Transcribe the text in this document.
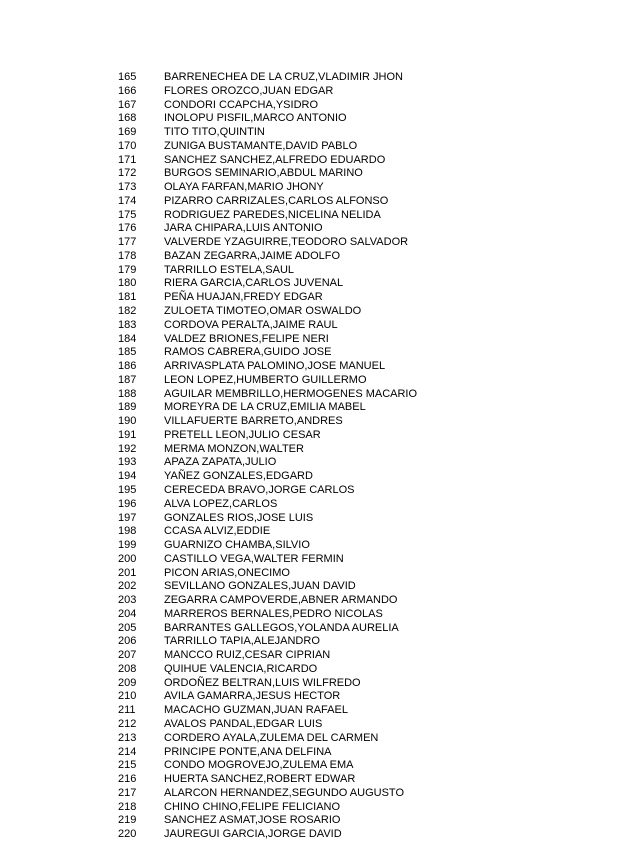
165	BARRENECHEA DE LA CRUZ,VLADIMIR JHON
166	FLORES OROZCO,JUAN EDGAR
167	CONDORI CCAPCHA,YSIDRO
168	INOLOPU PISFIL,MARCO ANTONIO
169	TITO TITO,QUINTIN
170	ZUNIGA BUSTAMANTE,DAVID PABLO
171	SANCHEZ SANCHEZ,ALFREDO EDUARDO
172	BURGOS SEMINARIO,ABDUL MARINO
173	OLAYA FARFAN,MARIO JHONY
174	PIZARRO CARRIZALES,CARLOS ALFONSO
175	RODRIGUEZ PAREDES,NICELINA NELIDA
176	JARA CHIPARA,LUIS ANTONIO
177	VALVERDE YZAGUIRRE,TEODORO SALVADOR
178	BAZAN ZEGARRA,JAIME ADOLFO
179	TARRILLO ESTELA,SAUL
180	RIERA GARCIA,CARLOS JUVENAL
181	PEÑA HUAJAN,FREDY EDGAR
182	ZULOETA TIMOTEO,OMAR OSWALDO
183	CORDOVA PERALTA,JAIME RAUL
184	VALDEZ BRIONES,FELIPE NERI
185	RAMOS CABRERA,GUIDO JOSE
186	ARRIVASPLATA PALOMINO,JOSE MANUEL
187	LEON LOPEZ,HUMBERTO GUILLERMO
188	AGUILAR MEMBRILLO,HERMOGENES MACARIO
189	MOREYRA DE LA CRUZ,EMILIA MABEL
190	VILLAFUERTE BARRETO,ANDRES
191	PRETELL LEON,JULIO CESAR
192	MERMA MONZON,WALTER
193	APAZA ZAPATA,JULIO
194	YAÑEZ GONZALES,EDGARD
195	CERECEDA BRAVO,JORGE CARLOS
196	ALVA LOPEZ,CARLOS
197	GONZALES RIOS,JOSE LUIS
198	CCASA ALVIZ,EDDIE
199	GUARNIZO CHAMBA,SILVIO
200	CASTILLO VEGA,WALTER FERMIN
201	PICON ARIAS,ONECIMO
202	SEVILLANO GONZALES,JUAN DAVID
203	ZEGARRA CAMPOVERDE,ABNER ARMANDO
204	MARREROS BERNALES,PEDRO NICOLAS
205	BARRANTES GALLEGOS,YOLANDA AURELIA
206	TARRILLO TAPIA,ALEJANDRO
207	MANCCO RUIZ,CESAR CIPRIAN
208	QUIHUE VALENCIA,RICARDO
209	ORDOÑEZ BELTRAN,LUIS WILFREDO
210	AVILA GAMARRA,JESUS HECTOR
211	MACACHO GUZMAN,JUAN RAFAEL
212	AVALOS PANDAL,EDGAR LUIS
213	CORDERO AYALA,ZULEMA DEL CARMEN
214	PRINCIPE PONTE,ANA DELFINA
215	CONDO MOGROVEJO,ZULEMA EMA
216	HUERTA SANCHEZ,ROBERT EDWAR
217	ALARCON HERNANDEZ,SEGUNDO AUGUSTO
218	CHINO CHINO,FELIPE FELICIANO
219	SANCHEZ ASMAT,JOSE ROSARIO
220	JAUREGUI GARCIA,JORGE DAVID
